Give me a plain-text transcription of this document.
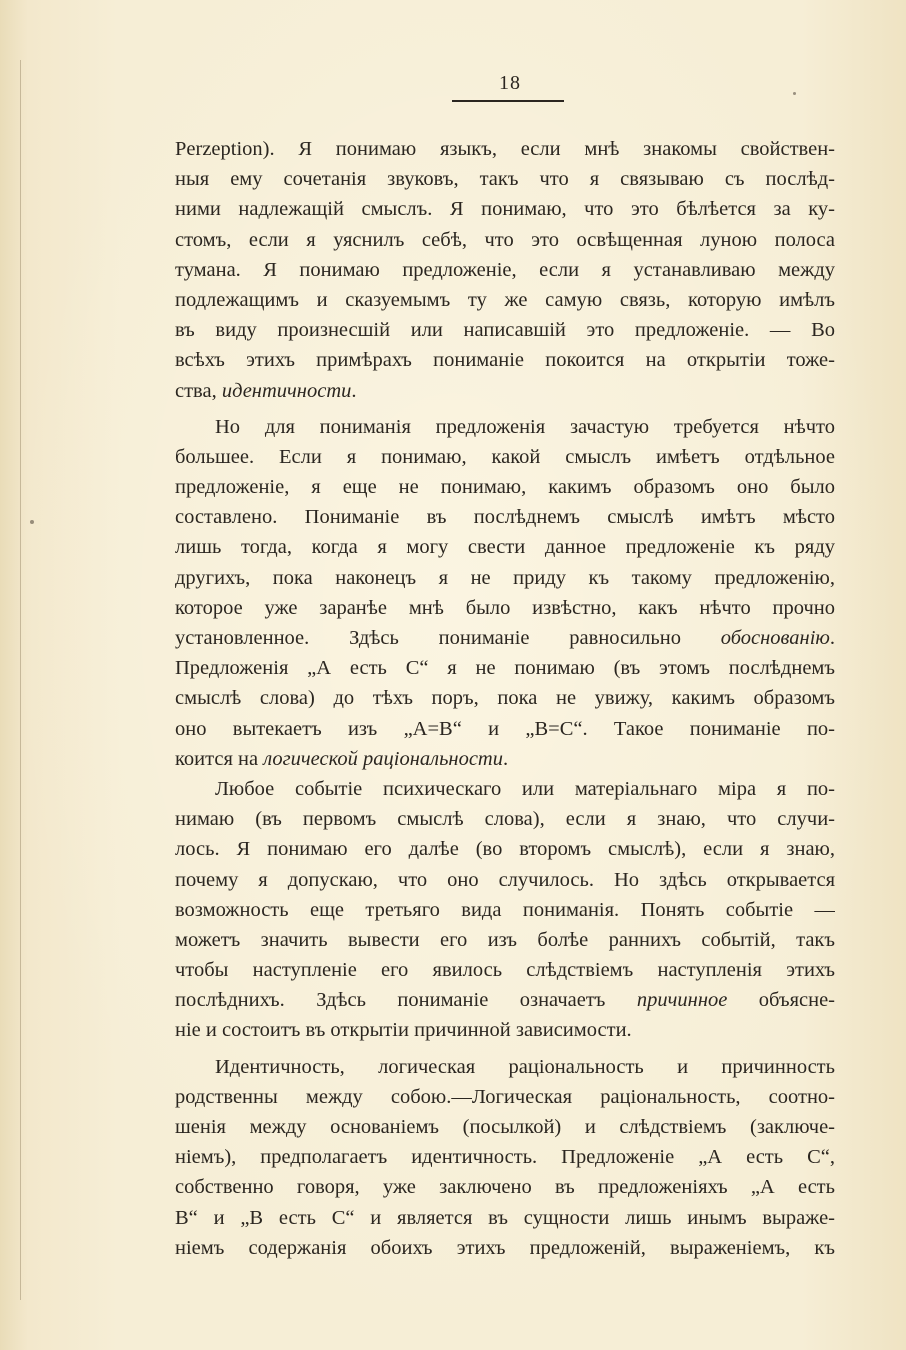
18
Perzeption). Я понимаю языкъ, если мнѣ знакомы свойствен-
ныя ему сочетанія звуковъ, такъ что я связываю съ послѣд-
ними надлежащій смыслъ. Я понимаю, что это бѣлѣется за ку-
стомъ, если я уяснилъ себѣ, что это освѣщенная луною полоса
тумана. Я понимаю предложеніе, если я устанавливаю между
подлежащимъ и сказуемымъ ту же самую связь, которую имѣлъ
въ виду произнесшій или написавшій это предложеніе. — Во
всѣхъ этихъ примѣрахъ пониманіе покоится на открытіи тоже-
ства, идентичности.
Но для пониманія предложенія зачастую требуется нѣчто
большее. Если я понимаю, какой смыслъ имѣетъ отдѣльное
предложеніе, я еще не понимаю, какимъ образомъ оно было
составлено. Пониманіе въ послѣднемъ смыслѣ имѣтъ мѣсто
лишь тогда, когда я могу свести данное предложеніе къ ряду
другихъ, пока наконецъ я не приду къ такому предложенію,
которое уже заранѣе мнѣ было извѣстно, какъ нѣчто прочно
установленное. Здѣсь пониманіе равносильно обоснованію.
Предложенія „А есть С“ я не понимаю (въ этомъ послѣднемъ
смыслѣ слова) до тѣхъ поръ, пока не увижу, какимъ образомъ
оно вытекаетъ изъ „А=В“ и „В=С“. Такое пониманіе по-
коится на логической раціональности.
Любое событіе психическаго или матеріальнаго міра я по-
нимаю (въ первомъ смыслѣ слова), если я знаю, что случи-
лось. Я понимаю его далѣе (во второмъ смыслѣ), если я знаю,
почему я допускаю, что оно случилось. Но здѣсь открывается
возможность еще третьяго вида пониманія. Понять событіе —
можетъ значить вывести его изъ болѣе раннихъ событій, такъ
чтобы наступленіе его явилось слѣдствіемъ наступленія этихъ
послѣднихъ. Здѣсь пониманіе означаетъ причинное объясне-
ніе и состоитъ въ открытіи причинной зависимости.
Идентичность, логическая раціональность и причинность
родственны между собою.—Логическая раціональность, соотно-
шенія между основаніемъ (посылкой) и слѣдствіемъ (заключе-
ніемъ), предполагаетъ идентичность. Предложеніе „А есть С“,
собственно говоря, уже заключено въ предложеніяхъ „А есть
В“ и „В есть С“ и является въ сущности лишь инымъ выраже-
ніемъ содержанія обоихъ этихъ предложеній, выраженіемъ, къ
